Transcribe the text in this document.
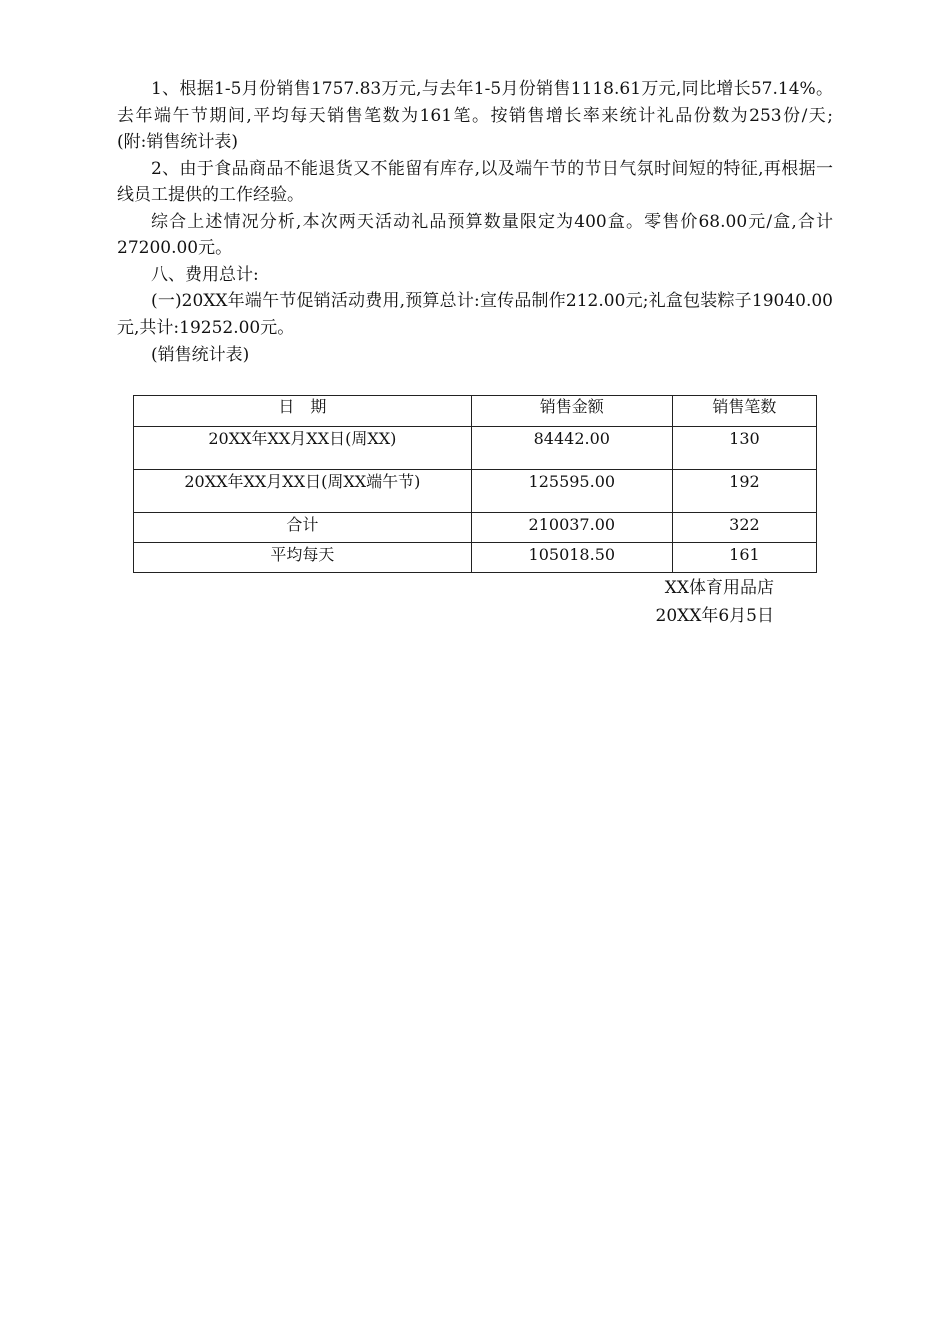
1、根据1-5月份销售1757.83万元,与去年1-5月份销售1118.61万元,同比增长57.14%。去年端午节期间,平均每天销售笔数为161笔。按销售增长率来统计礼品份数为253份/天;　　(附:销售统计表)

2、由于食品商品不能退货又不能留有库存,以及端午节的节日气氛时间短的特征,再根据一线员工提供的工作经验。

综合上述情况分析,本次两天活动礼品预算数量限定为400盒。零售价68.00元/盒,合计27200.00元。

八、费用总计:

(一)20XX年端午节促销活动费用,预算总计:宣传品制作212.00元;礼盒包装粽子19040.00元,共计:19252.00元。

(销售统计表)

日　期	销售金额	销售笔数
20XX年XX月XX日(周XX)	84442.00	130
20XX年XX月XX日(周XX端午节)	125595.00	192
合计	210037.00	322
平均每天	105018.50	161
XX体育用品店
20XX年6月5日
